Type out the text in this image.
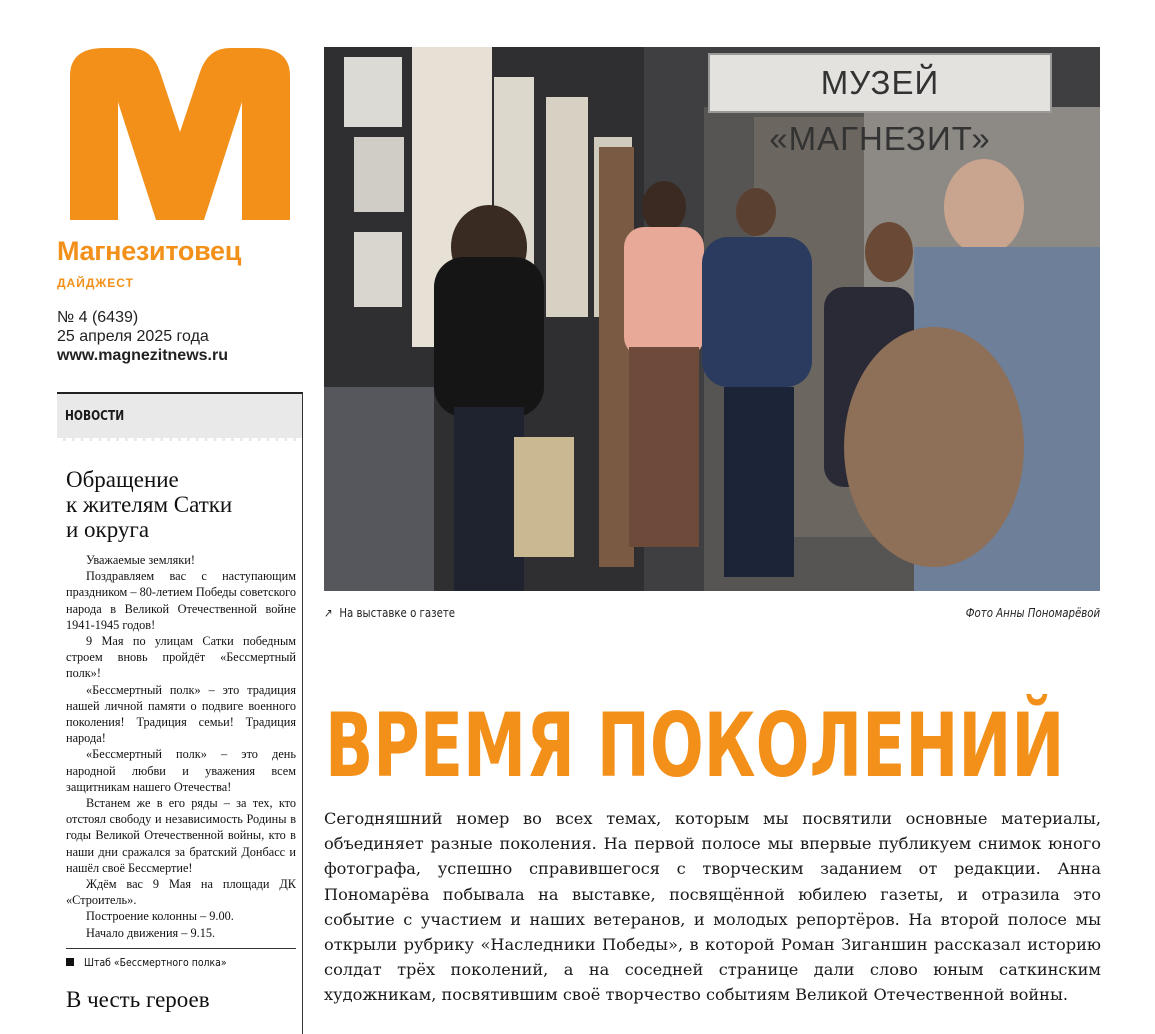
Магнезитовец
ДАЙДЖЕСТ
№ 4 (6439)
25 апреля 2025 года
www.magnezitnews.ru
НОВОСТИ
Обращение
к жителям Сатки
и округа

Уважаемые земляки!

Поздравляем вас с наступающим праздником – 80-летием Победы советского народа в Великой Отечественной войне 1941-1945 годов!

9 Мая по улицам Сатки победным строем вновь пройдёт «Бессмертный полк»!

«Бессмертный полк» – это традиция нашей личной памяти о подвиге военного поколения! Традиция семьи! Традиция народа!

«Бессмертный полк» – это день народной любви и уважения всем защитникам нашего Отечества!

Встанем же в его ряды – за тех, кто отстоял свободу и независимость Родины в годы Великой Отечественной войны, кто в наши дни сражался за братский Донбасс и нашёл своё Бессмертие!

Ждём вас 9 Мая на площади ДК «Строитель».

Построение колонны – 9.00.

Начало движения – 9.15.

Штаб «Бессмертного полка»
В честь героев
МУЗЕЙ «МАГНЕЗИТ»
↗ На выставке о газете	Фото Анны Пономарёвой
ВРЕМЯ ПОКОЛЕНИЙ
Сегодняшний номер во всех темах, которым мы посвятили основные материалы, объединяет разные поколения. На первой полосе мы впервые публикуем снимок юного фотографа, успешно справившегося с творческим заданием от редакции. Анна Пономарёва побывала на выставке, посвящённой юбилею газеты, и отразила это событие с участием и наших ветеранов, и молодых репортёров. На второй полосе мы открыли рубрику «Наследники Победы», в которой Роман Зиганшин рассказал историю солдат трёх поколений, а на соседней странице дали слово юным саткинским художникам, посвятившим своё творчество событиям Великой Отечественной войны.
